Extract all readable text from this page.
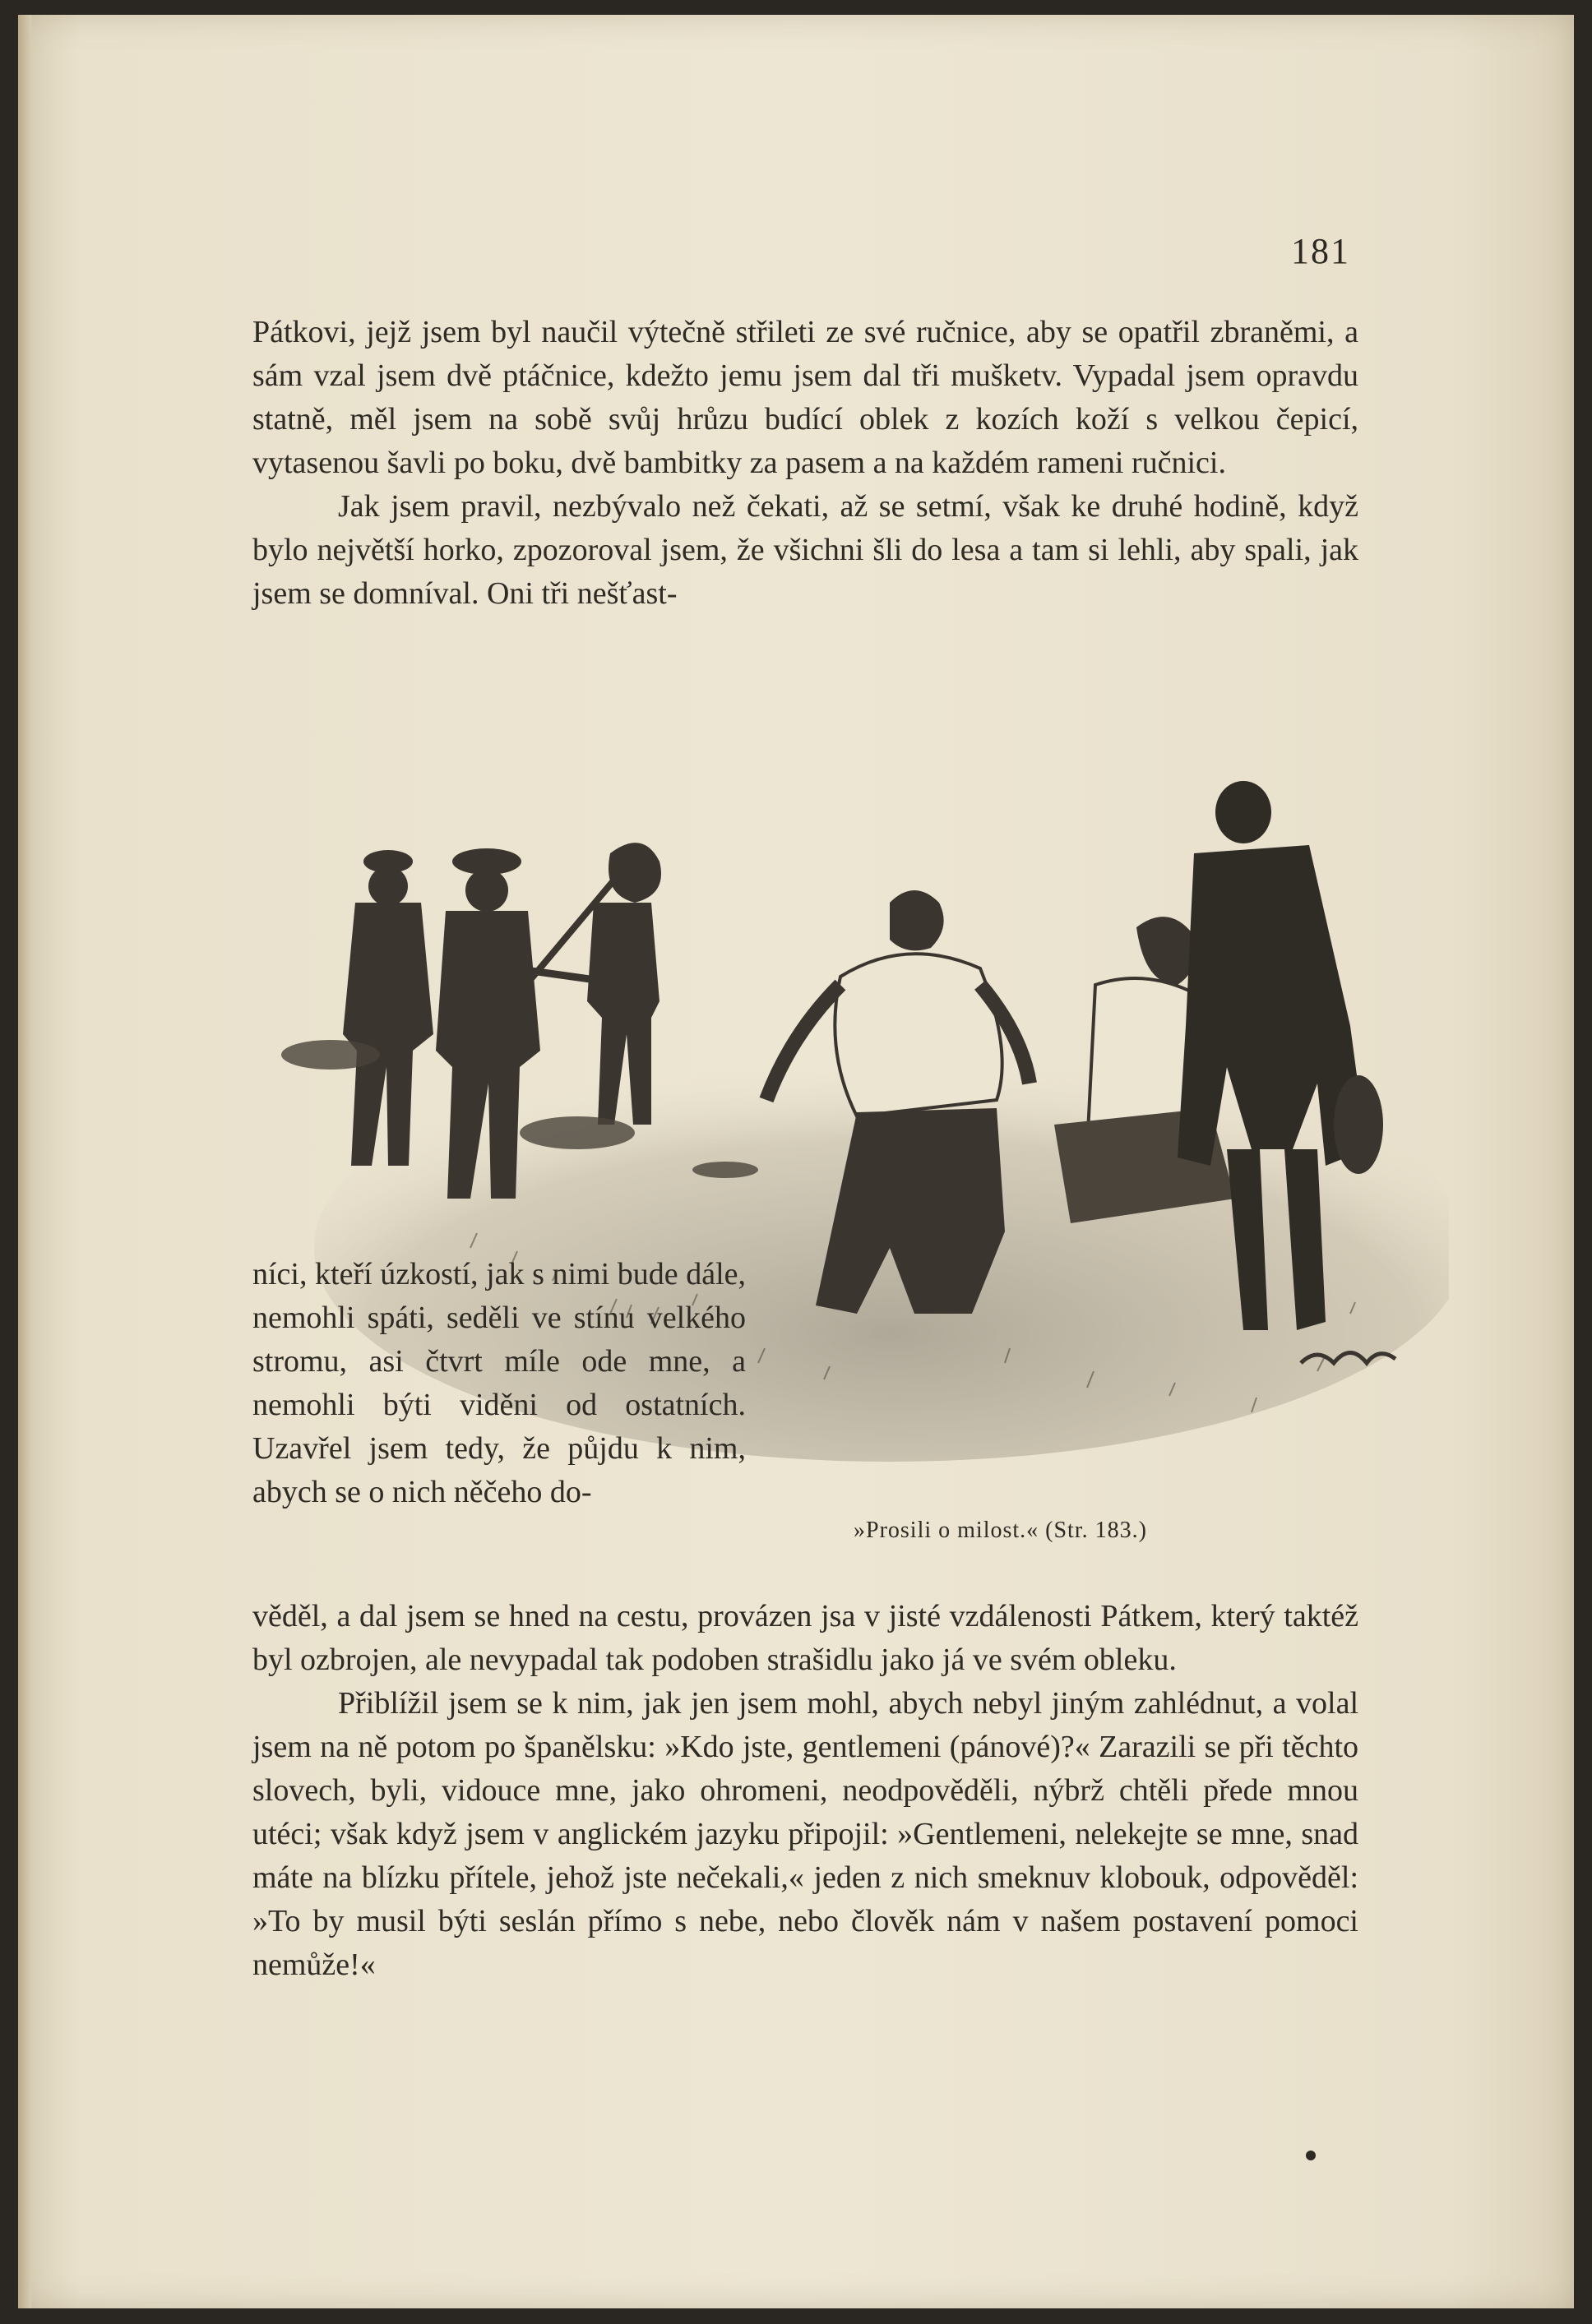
181

Pátkovi, jejž jsem byl naučil výtečně střileti ze své ručnice, aby se opatřil zbraněmi, a sám vzal jsem dvě ptáčnice, kdežto jemu jsem dal tři mušketv. Vypadal jsem opravdu statně, měl jsem na sobě svůj hrůzu budící oblek z kozích koží s velkou čepicí, vytasenou šavli po boku, dvě bambitky za pasem a na každém rameni ručnici.

Jak jsem pravil, nezbývalo než čekati, až se setmí, však ke druhé hodině, když bylo největší horko, zpozoroval jsem, že všichni šli do lesa a tam si lehli, aby spali, jak jsem se domníval. Oni tři nešťast-

níci, kteří úzkostí, jak s nimi bude dále, nemohli spáti, seděli ve stínu velkého stromu, asi čtvrt míle ode mne, a nemohli býti viděni od ostatních. Uzavřel jsem tedy, že půjdu k nim, abych se o nich něčeho do-
»Prosili o milost.« (Str. 183.)

věděl, a dal jsem se hned na cestu, provázen jsa v jisté vzdálenosti Pátkem, který taktéž byl ozbrojen, ale nevypadal tak podoben strašidlu jako já ve svém obleku.

Přiblížil jsem se k nim, jak jen jsem mohl, abych nebyl jiným zahlédnut, a volal jsem na ně potom po španělsku: »Kdo jste, gentlemeni (pánové)?« Zarazili se při těchto slovech, byli, vidouce mne, jako ohromeni, neodpověděli, nýbrž chtěli přede mnou utéci; však když jsem v anglickém jazyku připojil: »Gentlemeni, nelekejte se mne, snad máte na blízku přítele, jehož jste nečekali,« jeden z nich smeknuv klobouk, odpověděl: »To by musil býti seslán přímo s nebe, nebo člověk nám v našem postavení pomoci nemůže!«
